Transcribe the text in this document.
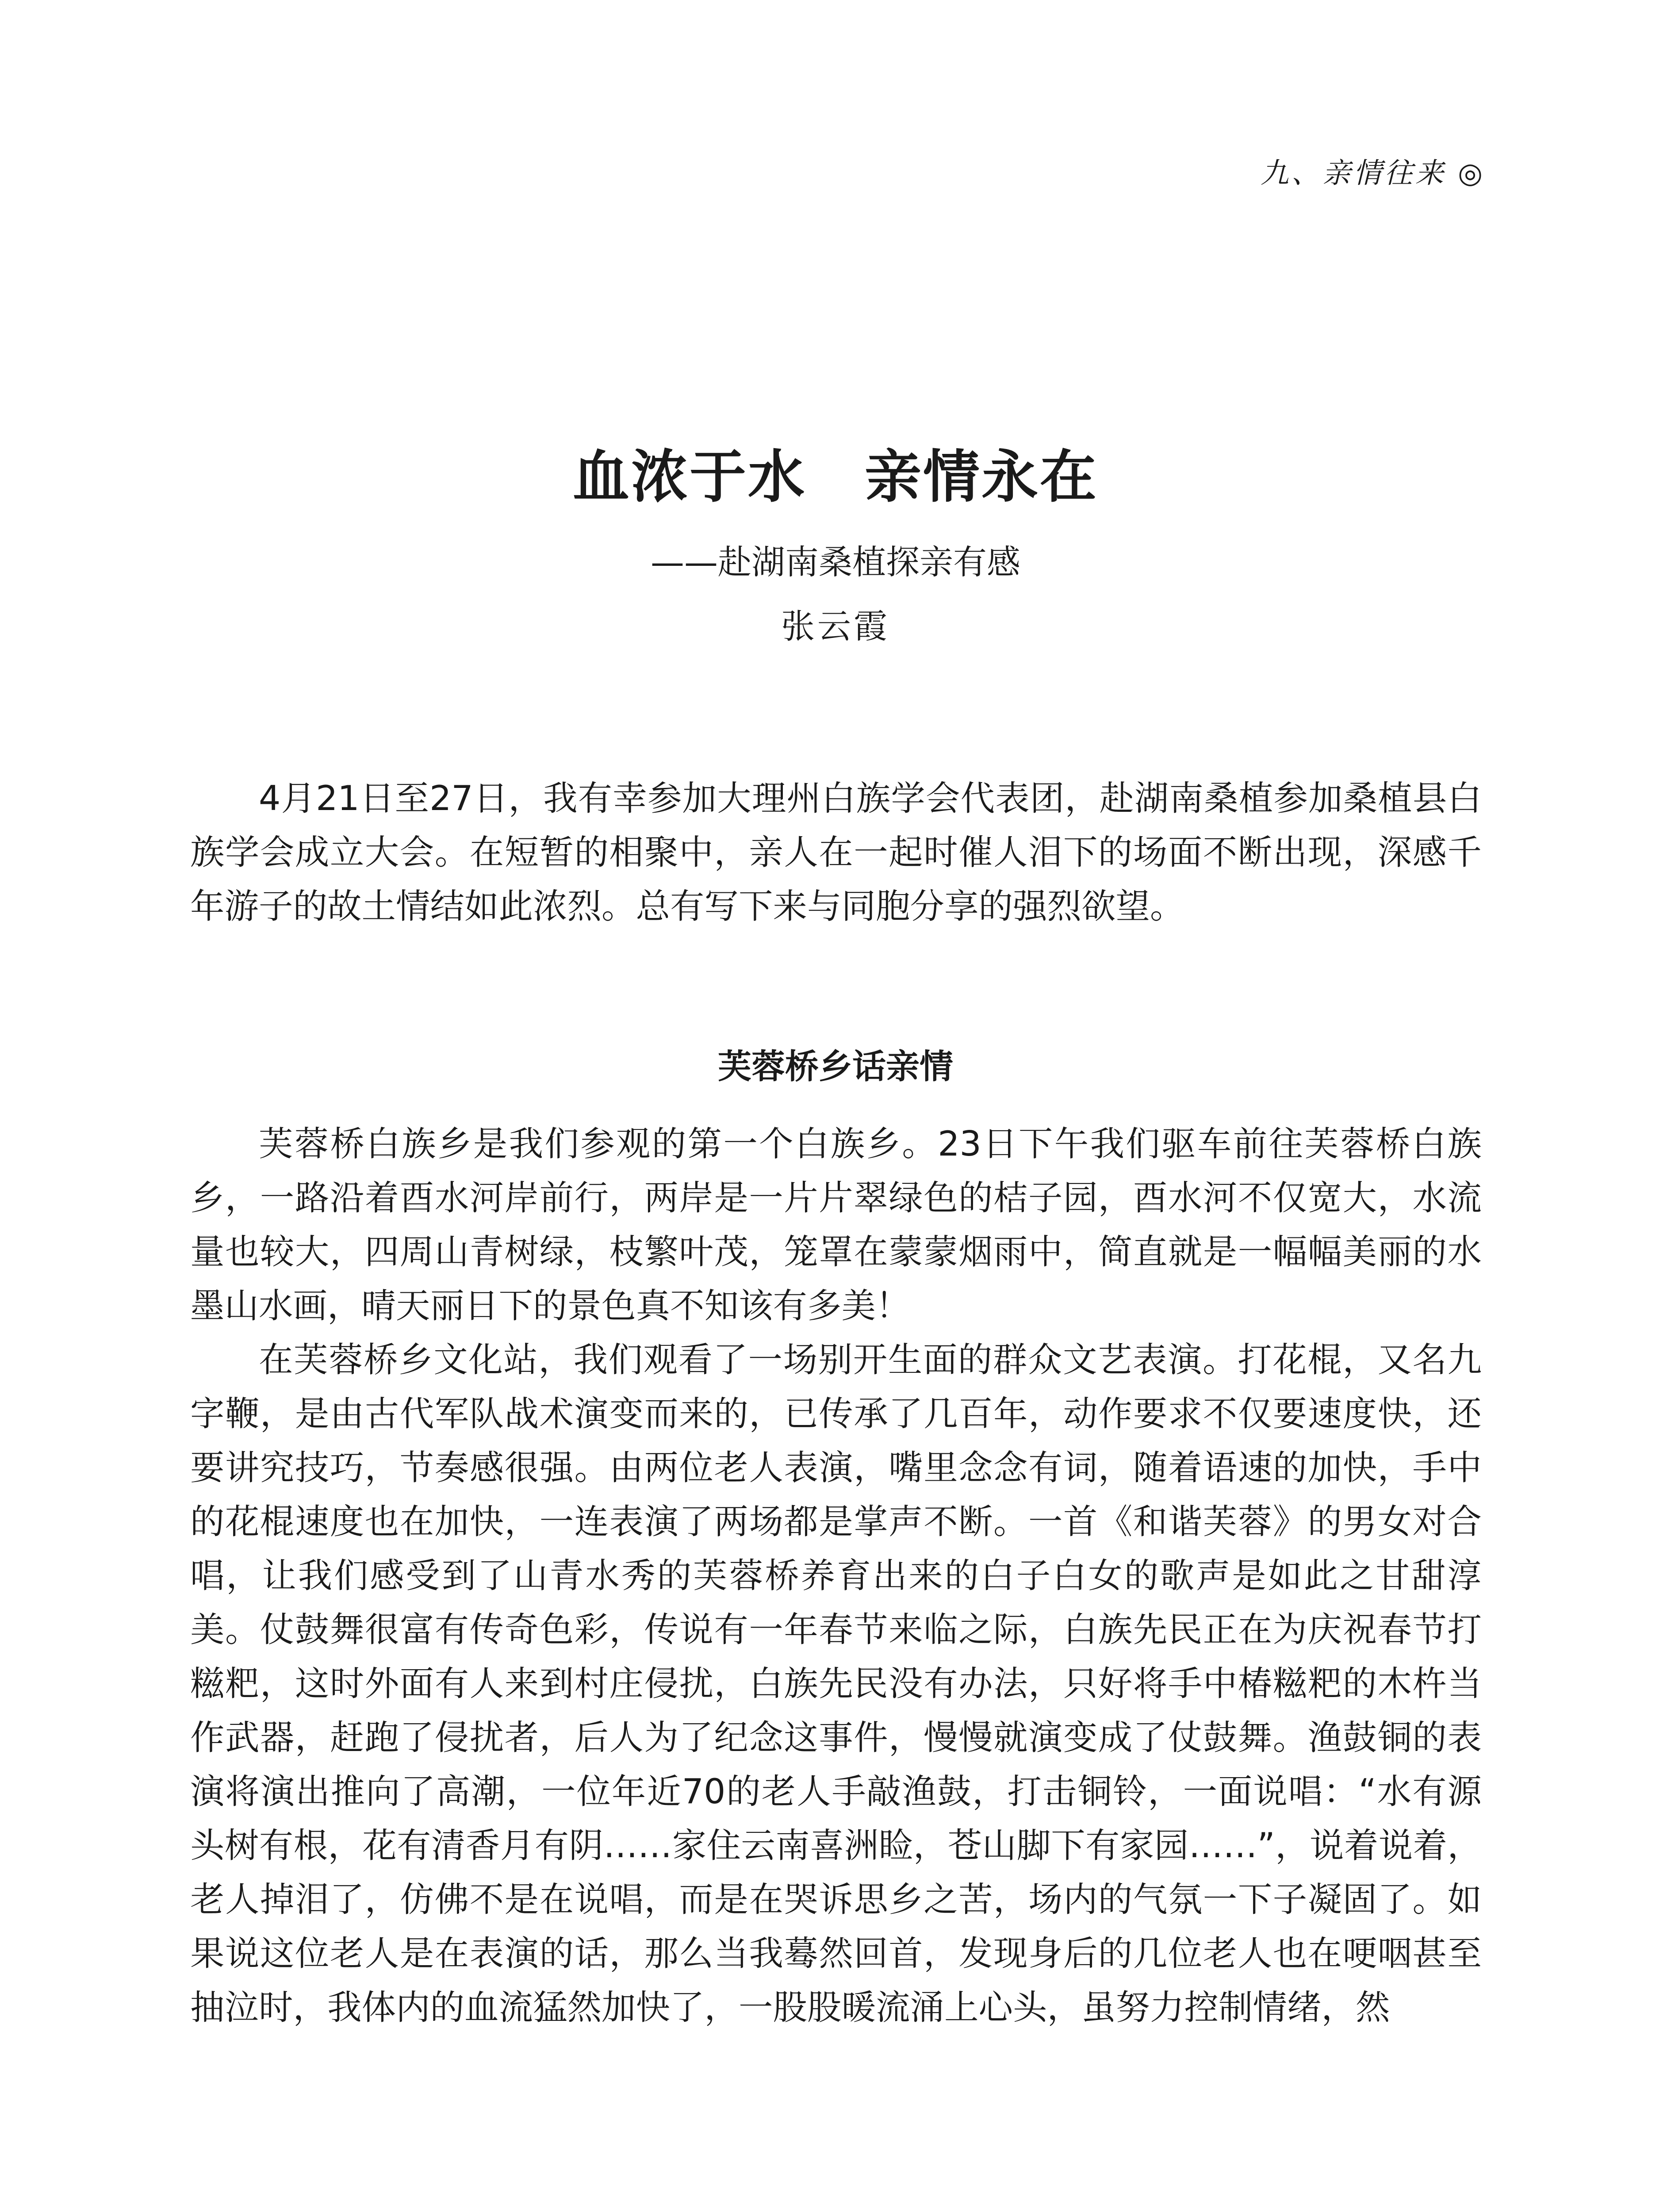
九、亲情往来 ◎
血浓于水　亲情永在
——赴湖南桑植探亲有感
张云霞

4月21日至27日，我有幸参加大理州白族学会代表团，赴湖南桑植参加桑植县白族学会成立大会。在短暂的相聚中，亲人在一起时催人泪下的场面不断出现，深感千年游子的故土情结如此浓烈。总有写下来与同胞分享的强烈欲望。

芙蓉桥乡话亲情

芙蓉桥白族乡是我们参观的第一个白族乡。23日下午我们驱车前往芙蓉桥白族乡，一路沿着酉水河岸前行，两岸是一片片翠绿色的桔子园，酉水河不仅宽大，水流量也较大，四周山青树绿，枝繁叶茂，笼罩在蒙蒙烟雨中，简直就是一幅幅美丽的水墨山水画，晴天丽日下的景色真不知该有多美！

在芙蓉桥乡文化站，我们观看了一场别开生面的群众文艺表演。打花棍，又名九字鞭，是由古代军队战术演变而来的，已传承了几百年，动作要求不仅要速度快，还要讲究技巧，节奏感很强。由两位老人表演，嘴里念念有词，随着语速的加快，手中的花棍速度也在加快，一连表演了两场都是掌声不断。一首《和谐芙蓉》的男女对合唱，让我们感受到了山青水秀的芙蓉桥养育出来的白子白女的歌声是如此之甘甜淳美。仗鼓舞很富有传奇色彩，传说有一年春节来临之际，白族先民正在为庆祝春节打糍粑，这时外面有人来到村庄侵扰，白族先民没有办法，只好将手中椿糍粑的木杵当作武器，赶跑了侵扰者，后人为了纪念这事件，慢慢就演变成了仗鼓舞。渔鼓铜的表演将演出推向了高潮，一位年近70的老人手敲渔鼓，打击铜铃，一面说唱：“水有源头树有根，花有清香月有阴……家住云南喜洲睑，苍山脚下有家园……”，说着说着，老人掉泪了，仿佛不是在说唱，而是在哭诉思乡之苦，场内的气氛一下子凝固了。如果说这位老人是在表演的话，那么当我蓦然回首，发现身后的几位老人也在哽咽甚至抽泣时，我体内的血流猛然加快了，一股股暖流涌上心头，虽努力控制情绪，然
